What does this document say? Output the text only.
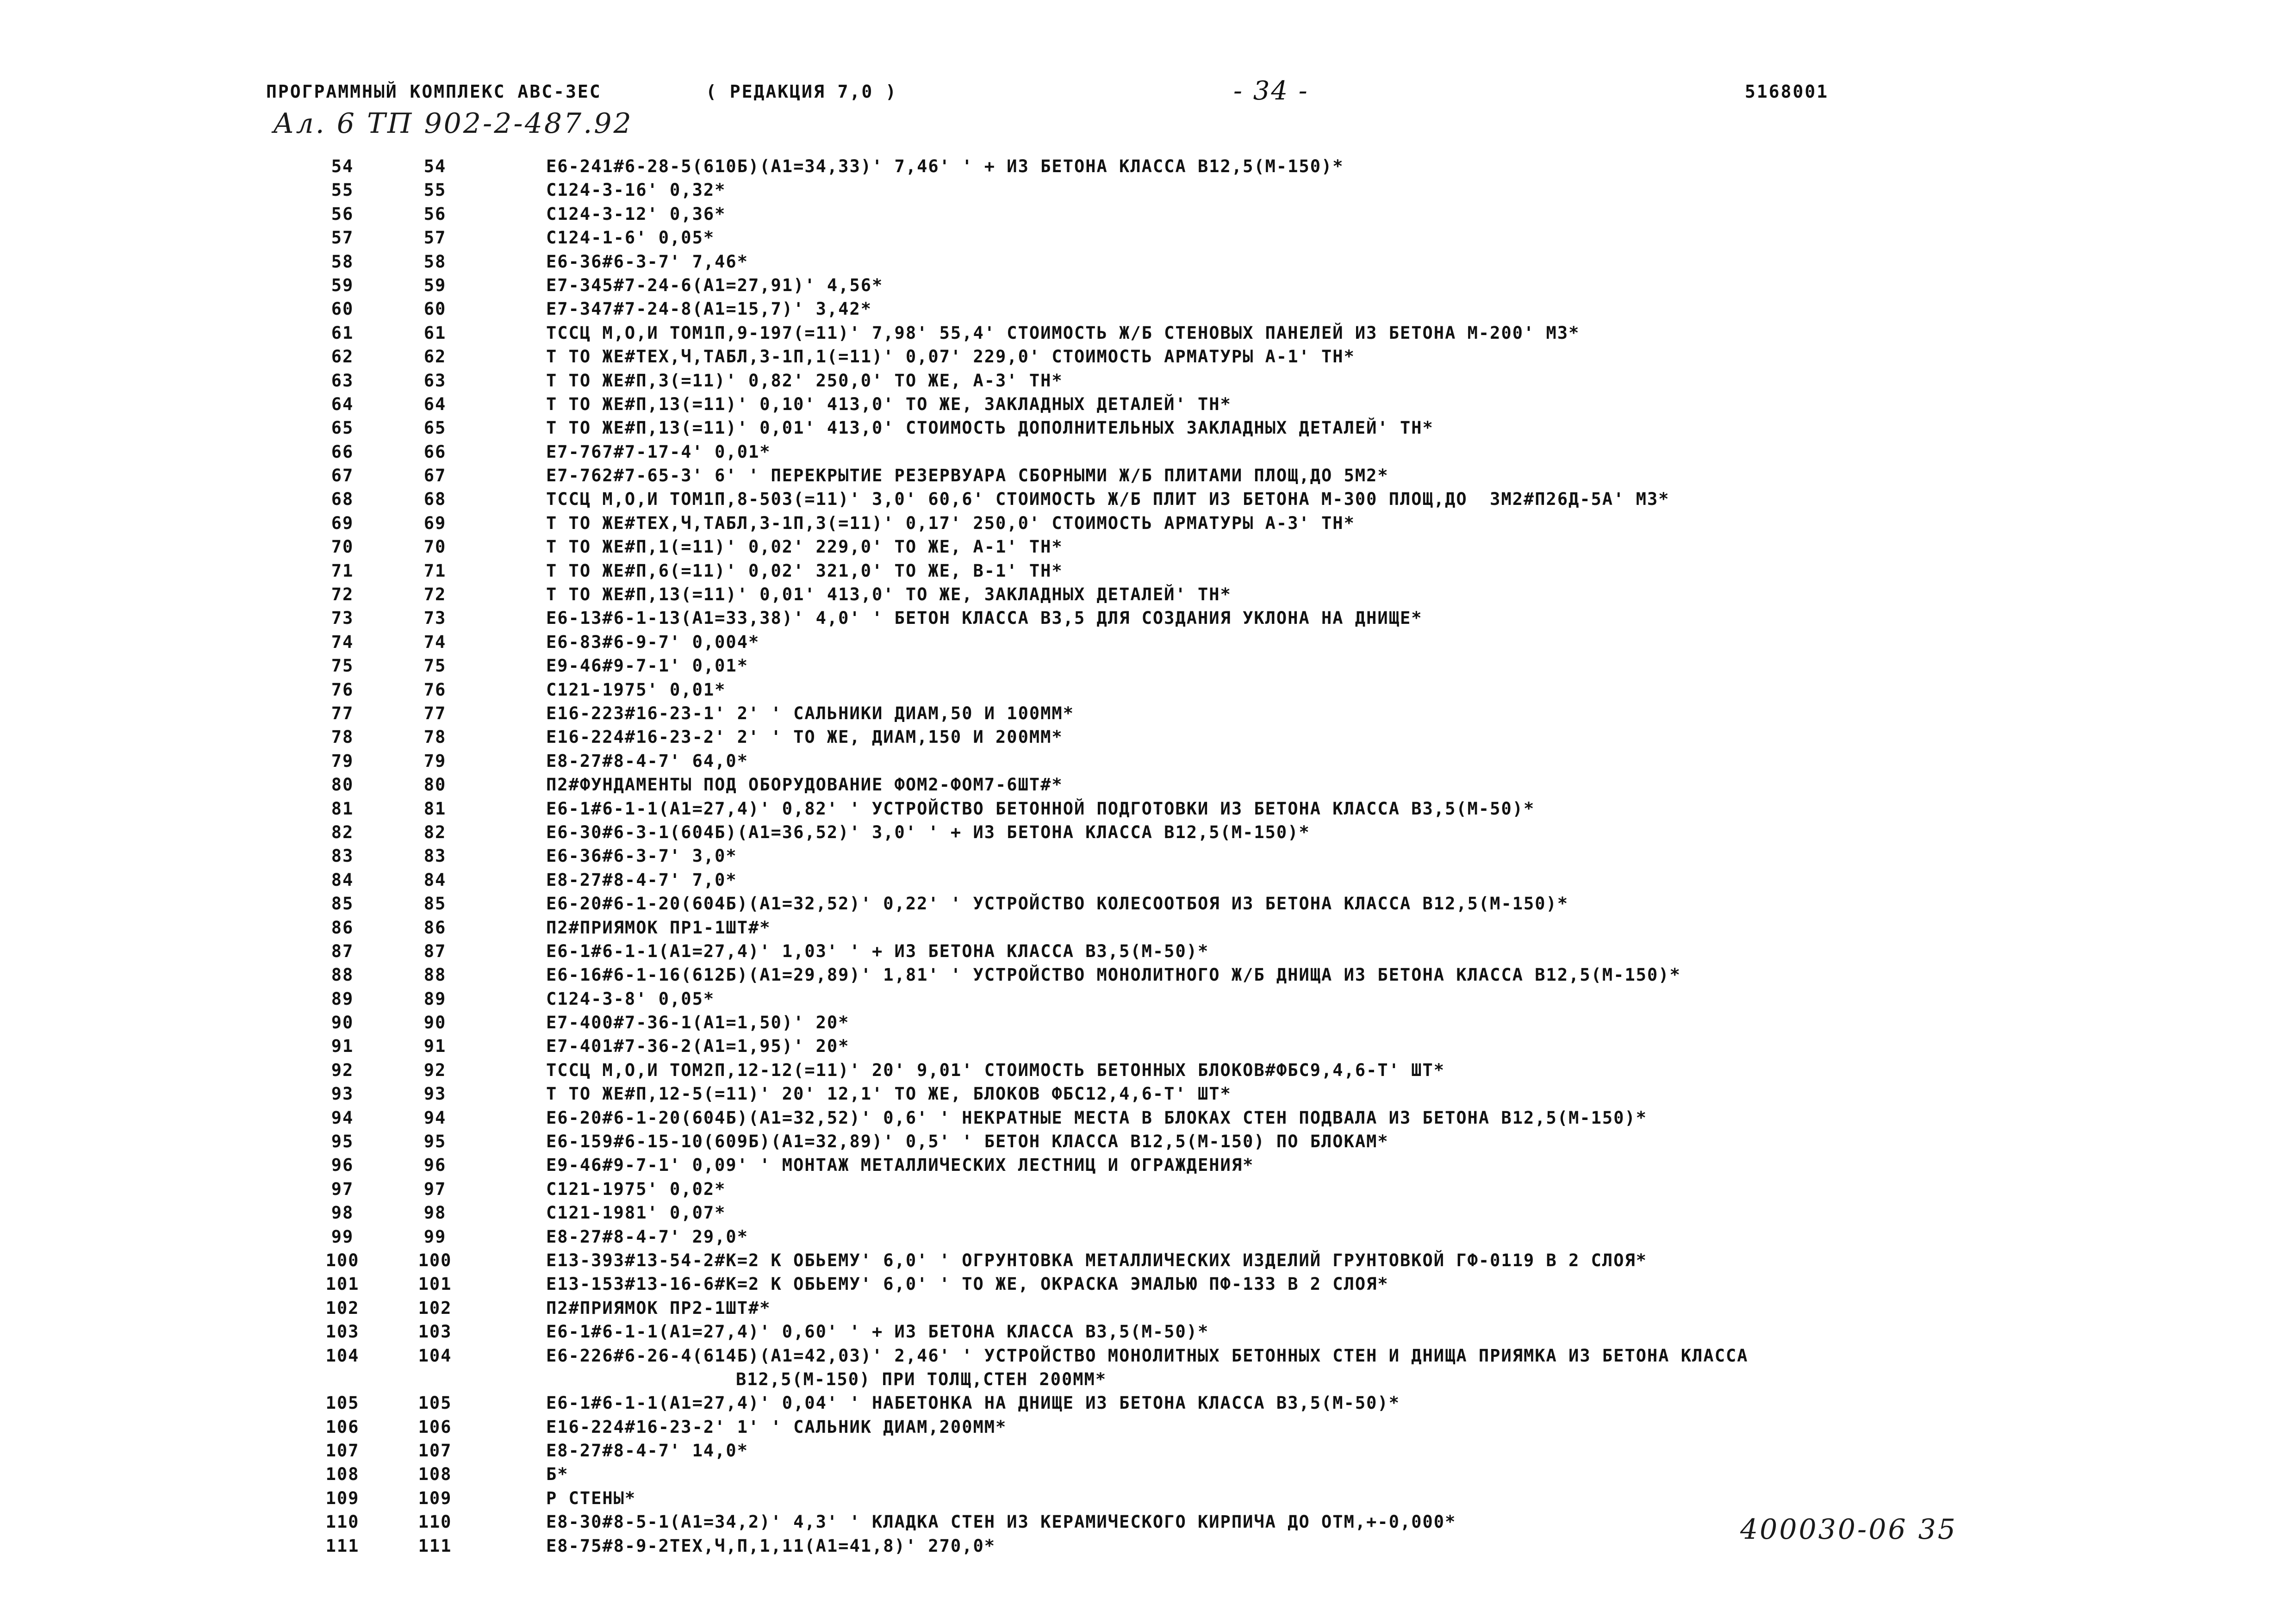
ПРОГРАММНЫЙ КОМПЛЕКС АВС-3ЕС	( РЕДАКЦИЯ 7,0 )	- 34 -	5168001
Ал. 6 ТП 902-2-487.92
54	54	Е6-241#6-28-5(610Б)(А1=34,33)' 7,46' ' + ИЗ БЕТОНА КЛАССА В12,5(М-150)*
55	55	С124-3-16' 0,32*
56	56	С124-3-12' 0,36*
57	57	С124-1-6' 0,05*
58	58	Е6-36#6-3-7' 7,46*
59	59	Е7-345#7-24-6(А1=27,91)' 4,56*
60	60	Е7-347#7-24-8(А1=15,7)' 3,42*
61	61	ТССЦ М,О,И ТОМ1П,9-197(=11)' 7,98' 55,4' СТОИМОСТЬ Ж/Б СТЕНОВЫХ ПАНЕЛЕЙ ИЗ БЕТОНА М-200' М3*
62	62	Т ТО ЖЕ#ТЕХ,Ч,ТАБЛ,3-1П,1(=11)' 0,07' 229,0' СТОИМОСТЬ АРМАТУРЫ А-1' ТН*
63	63	Т ТО ЖЕ#П,3(=11)' 0,82' 250,0' ТО ЖЕ, А-3' ТН*
64	64	Т ТО ЖЕ#П,13(=11)' 0,10' 413,0' ТО ЖЕ, ЗАКЛАДНЫХ ДЕТАЛЕЙ' ТН*
65	65	Т ТО ЖЕ#П,13(=11)' 0,01' 413,0' СТОИМОСТЬ ДОПОЛНИТЕЛЬНЫХ ЗАКЛАДНЫХ ДЕТАЛЕЙ' ТН*
66	66	Е7-767#7-17-4' 0,01*
67	67	Е7-762#7-65-3' 6' ' ПЕРЕКРЫТИЕ РЕЗЕРВУАРА СБОРНЫМИ Ж/Б ПЛИТАМИ ПЛОЩ,ДО 5М2*
68	68	ТССЦ М,О,И ТОМ1П,8-503(=11)' 3,0' 60,6' СТОИМОСТЬ Ж/Б ПЛИТ ИЗ БЕТОНА М-300 ПЛОЩ,ДО  3М2#П26Д-5А' М3*
69	69	Т ТО ЖЕ#ТЕХ,Ч,ТАБЛ,3-1П,3(=11)' 0,17' 250,0' СТОИМОСТЬ АРМАТУРЫ А-3' ТН*
70	70	Т ТО ЖЕ#П,1(=11)' 0,02' 229,0' ТО ЖЕ, А-1' ТН*
71	71	Т ТО ЖЕ#П,6(=11)' 0,02' 321,0' ТО ЖЕ, В-1' ТН*
72	72	Т ТО ЖЕ#П,13(=11)' 0,01' 413,0' ТО ЖЕ, ЗАКЛАДНЫХ ДЕТАЛЕЙ' ТН*
73	73	Е6-13#6-1-13(А1=33,38)' 4,0' ' БЕТОН КЛАССА В3,5 ДЛЯ СОЗДАНИЯ УКЛОНА НА ДНИЩЕ*
74	74	Е6-83#6-9-7' 0,004*
75	75	Е9-46#9-7-1' 0,01*
76	76	С121-1975' 0,01*
77	77	Е16-223#16-23-1' 2' ' САЛЬНИКИ ДИАМ,50 И 100ММ*
78	78	Е16-224#16-23-2' 2' ' ТО ЖЕ, ДИАМ,150 И 200ММ*
79	79	Е8-27#8-4-7' 64,0*
80	80	П2#ФУНДАМЕНТЫ ПОД ОБОРУДОВАНИЕ ФОМ2-ФОМ7-6ШТ#*
81	81	Е6-1#6-1-1(А1=27,4)' 0,82' ' УСТРОЙСТВО БЕТОННОЙ ПОДГОТОВКИ ИЗ БЕТОНА КЛАССА В3,5(М-50)*
82	82	Е6-30#6-3-1(604Б)(А1=36,52)' 3,0' ' + ИЗ БЕТОНА КЛАССА В12,5(М-150)*
83	83	Е6-36#6-3-7' 3,0*
84	84	Е8-27#8-4-7' 7,0*
85	85	Е6-20#6-1-20(604Б)(А1=32,52)' 0,22' ' УСТРОЙСТВО КОЛЕСООТБОЯ ИЗ БЕТОНА КЛАССА В12,5(М-150)*
86	86	П2#ПРИЯМОК ПР1-1ШТ#*
87	87	Е6-1#6-1-1(А1=27,4)' 1,03' ' + ИЗ БЕТОНА КЛАССА В3,5(М-50)*
88	88	Е6-16#6-1-16(612Б)(А1=29,89)' 1,81' ' УСТРОЙСТВО МОНОЛИТНОГО Ж/Б ДНИЩА ИЗ БЕТОНА КЛАССА В12,5(М-150)*
89	89	С124-3-8' 0,05*
90	90	Е7-400#7-36-1(А1=1,50)' 20*
91	91	Е7-401#7-36-2(А1=1,95)' 20*
92	92	ТССЦ М,О,И ТОМ2П,12-12(=11)' 20' 9,01' СТОИМОСТЬ БЕТОННЫХ БЛОКОВ#ФБС9,4,6-Т' ШТ*
93	93	Т ТО ЖЕ#П,12-5(=11)' 20' 12,1' ТО ЖЕ, БЛОКОВ ФБС12,4,6-Т' ШТ*
94	94	Е6-20#6-1-20(604Б)(А1=32,52)' 0,6' ' НЕКРАТНЫЕ МЕСТА В БЛОКАХ СТЕН ПОДВАЛА ИЗ БЕТОНА В12,5(М-150)*
95	95	Е6-159#6-15-10(609Б)(А1=32,89)' 0,5' ' БЕТОН КЛАССА В12,5(М-150) ПО БЛОКАМ*
96	96	Е9-46#9-7-1' 0,09' ' МОНТАЖ МЕТАЛЛИЧЕСКИХ ЛЕСТНИЦ И ОГРАЖДЕНИЯ*
97	97	С121-1975' 0,02*
98	98	С121-1981' 0,07*
99	99	Е8-27#8-4-7' 29,0*
100	100	Е13-393#13-54-2#К=2 К ОБЬЕМУ' 6,0' ' ОГРУНТОВКА МЕТАЛЛИЧЕСКИХ ИЗДЕЛИЙ ГРУНТОВКОЙ ГФ-0119 В 2 СЛОЯ*
101	101	Е13-153#13-16-6#К=2 К ОБЬЕМУ' 6,0' ' ТО ЖЕ, ОКРАСКА ЭМАЛЬЮ ПФ-133 В 2 СЛОЯ*
102	102	П2#ПРИЯМОК ПР2-1ШТ#*
103	103	Е6-1#6-1-1(А1=27,4)' 0,60' ' + ИЗ БЕТОНА КЛАССА В3,5(М-50)*
104	104	Е6-226#6-26-4(614Б)(А1=42,03)' 2,46' ' УСТРОЙСТВО МОНОЛИТНЫХ БЕТОННЫХ СТЕН И ДНИЩА ПРИЯМКА ИЗ БЕТОНА КЛАССА
В12,5(М-150) ПРИ ТОЛЩ,СТЕН 200ММ*
105	105	Е6-1#6-1-1(А1=27,4)' 0,04' ' НАБЕТОНКА НА ДНИЩЕ ИЗ БЕТОНА КЛАССА В3,5(М-50)*
106	106	Е16-224#16-23-2' 1' ' САЛЬНИК ДИАМ,200ММ*
107	107	Е8-27#8-4-7' 14,0*
108	108	Б*
109	109	Р СТЕНЫ*
110	110	Е8-30#8-5-1(А1=34,2)' 4,3' ' КЛАДКА СТЕН ИЗ КЕРАМИЧЕСКОГО КИРПИЧА ДО ОТМ,+-0,000*
111	111	Е8-75#8-9-2ТЕХ,Ч,П,1,11(А1=41,8)' 270,0*
400030-06 35
